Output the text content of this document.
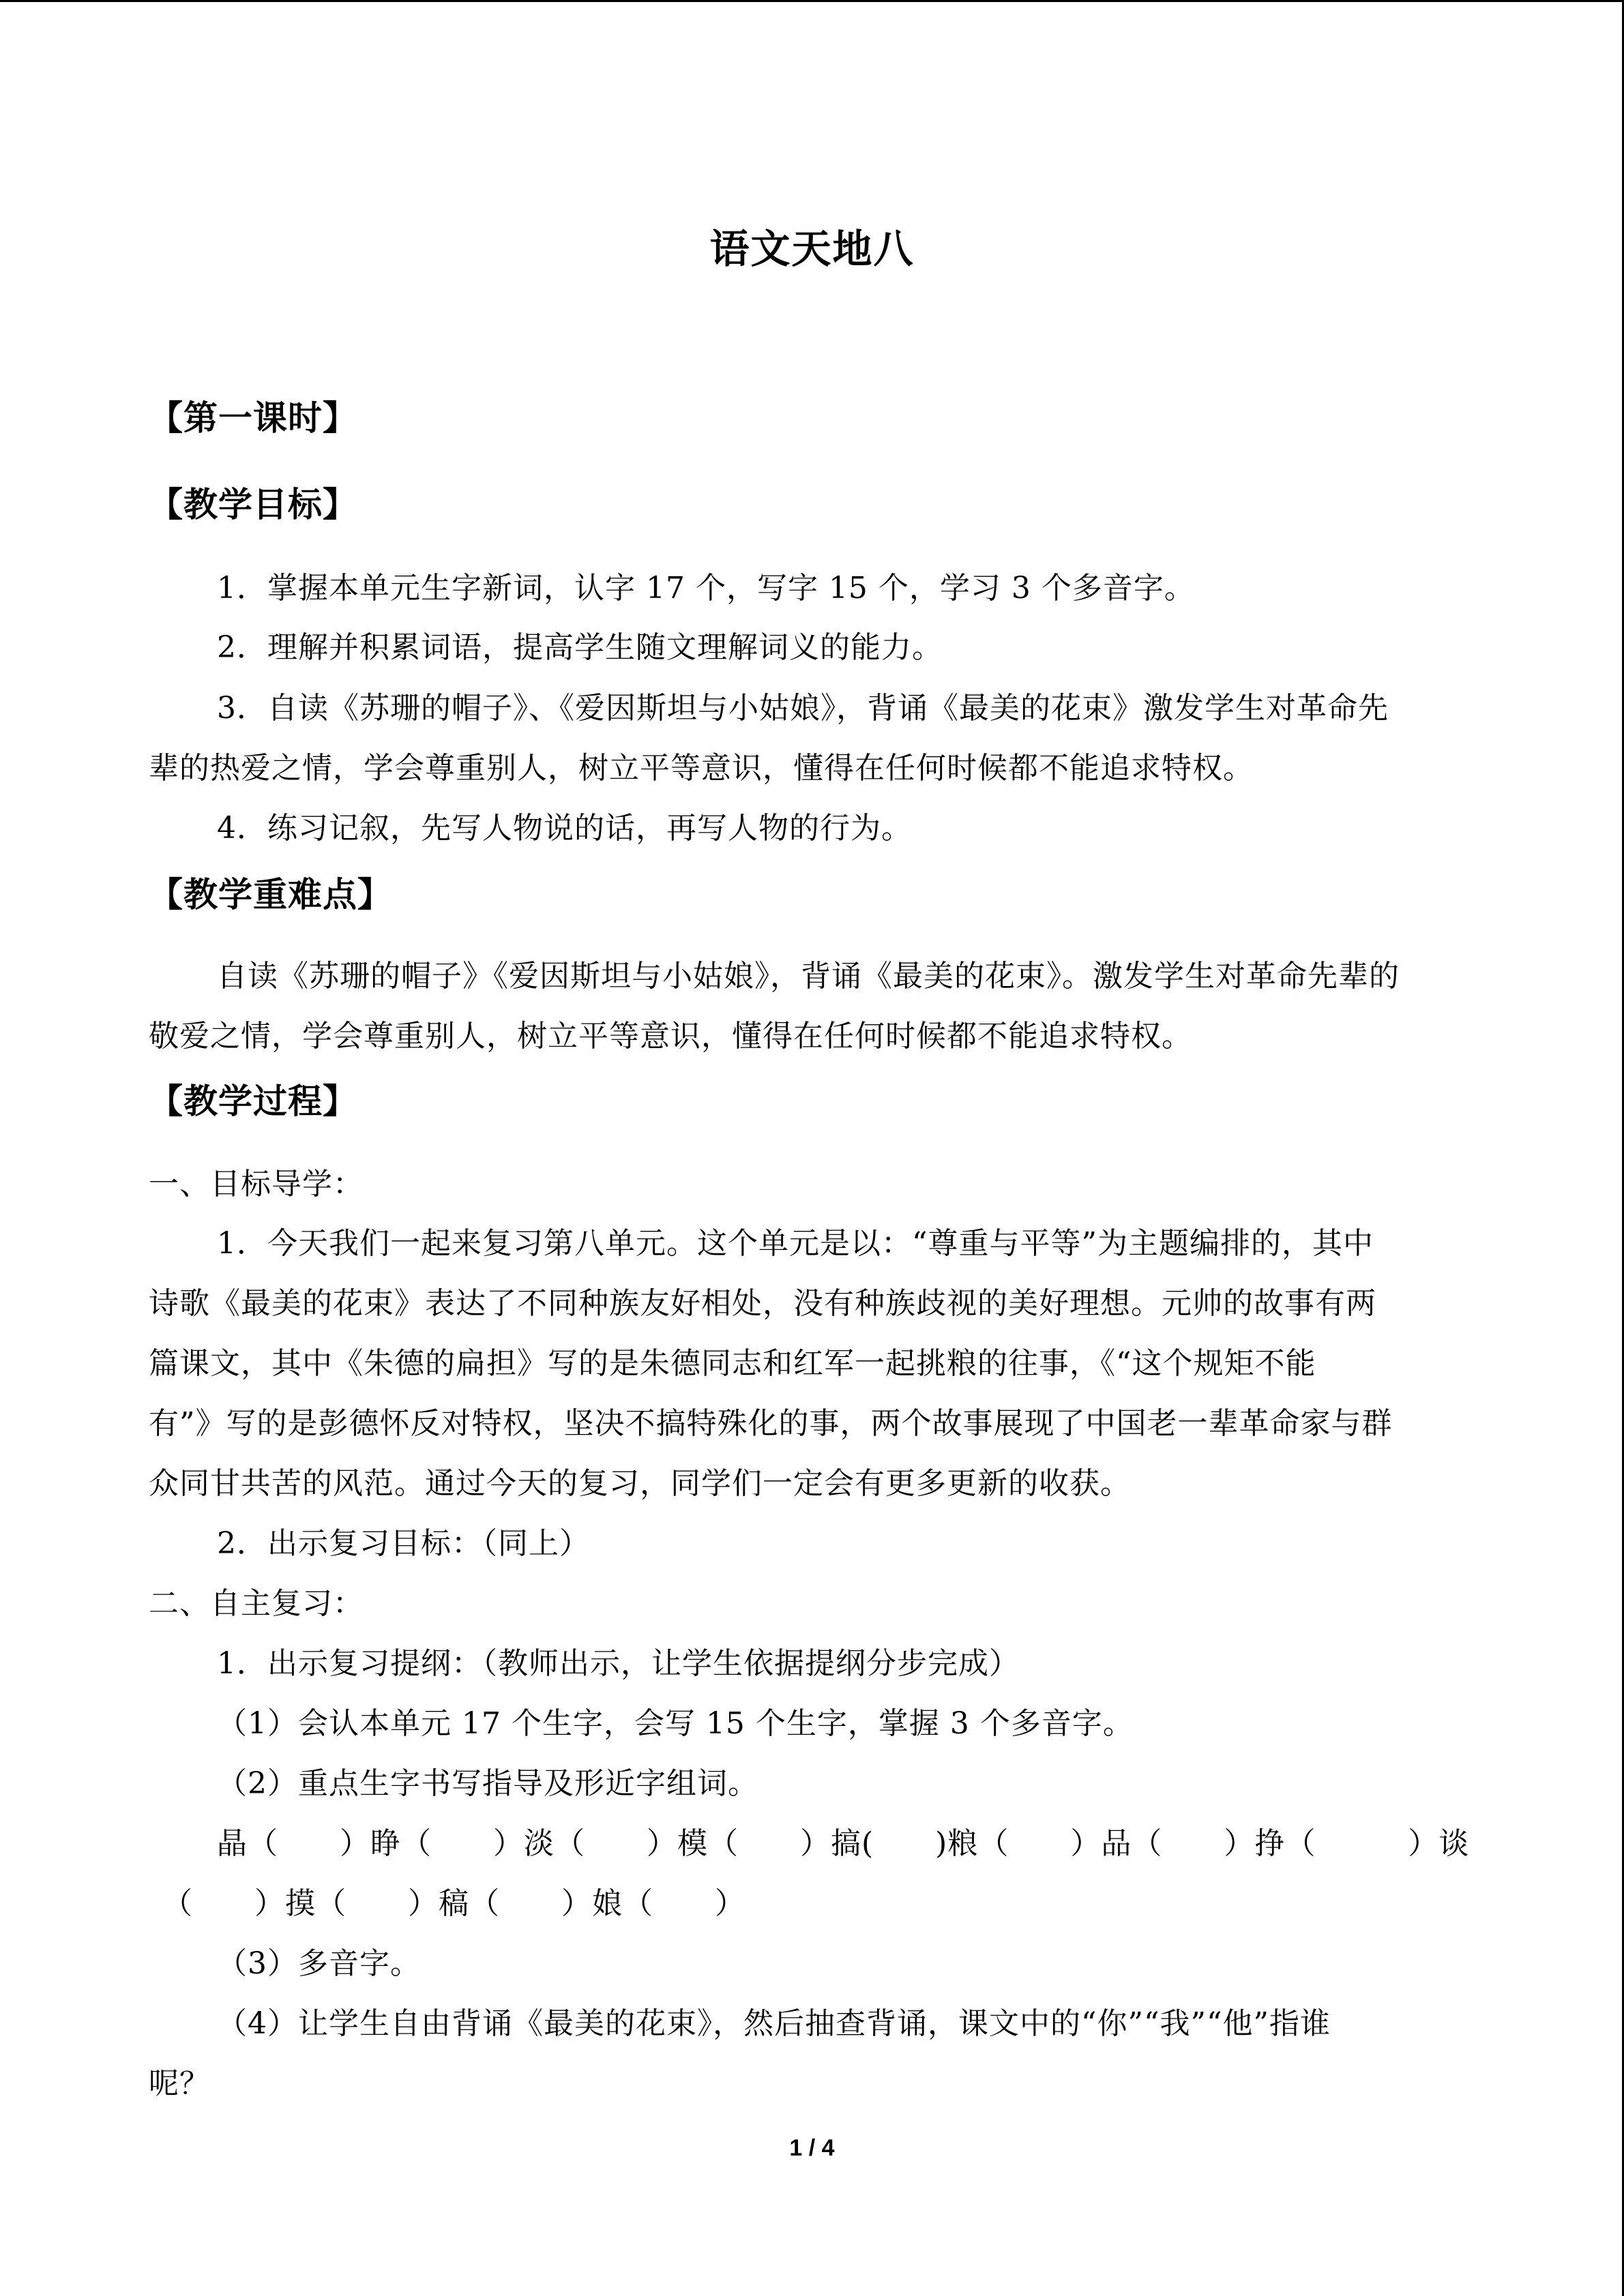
语文天地八
【第一课时】
【教学目标】
1．掌握本单元生字新词，认字 17 个，写字 15 个，学习 3 个多音字。
2．理解并积累词语，提高学生随文理解词义的能力。
3．自读《苏珊的帽子》、《爱因斯坦与小姑娘》，背诵《最美的花束》激发学生对革命先
辈的热爱之情，学会尊重别人，树立平等意识，懂得在任何时候都不能追求特权。
4．练习记叙，先写人物说的话，再写人物的行为。
【教学重难点】
自读《苏珊的帽子》《爱因斯坦与小姑娘》，背诵《最美的花束》。激发学生对革命先辈的
敬爱之情，学会尊重别人，树立平等意识，懂得在任何时候都不能追求特权。
【教学过程】
一、目标导学：
1．今天我们一起来复习第八单元。这个单元是以：“尊重与平等”为主题编排的，其中
诗歌《最美的花束》表达了不同种族友好相处，没有种族歧视的美好理想。元帅的故事有两
篇课文，其中《朱德的扁担》写的是朱德同志和红军一起挑粮的往事，《“这个规矩不能
有”》写的是彭德怀反对特权，坚决不搞特殊化的事，两个故事展现了中国老一辈革命家与群
众同甘共苦的风范。通过今天的复习，同学们一定会有更多更新的收获。
2．出示复习目标：（同上）
二、自主复习：
1．出示复习提纲：（教师出示，让学生依据提纲分步完成）
（1）会认本单元 17 个生字，会写 15 个生字，掌握 3 个多音字。
（2）重点生字书写指导及形近字组词。
晶（　　）睁（　　）淡（　　）模（　　）搞(　　)粮（　　）品（　　）挣（　　　）谈
（　　）摸（　　）稿（　　）娘（　　）
（3）多音字。
（4）让学生自由背诵《最美的花束》，然后抽查背诵，课文中的“你”“我”“他”指谁
呢？
1 / 4
